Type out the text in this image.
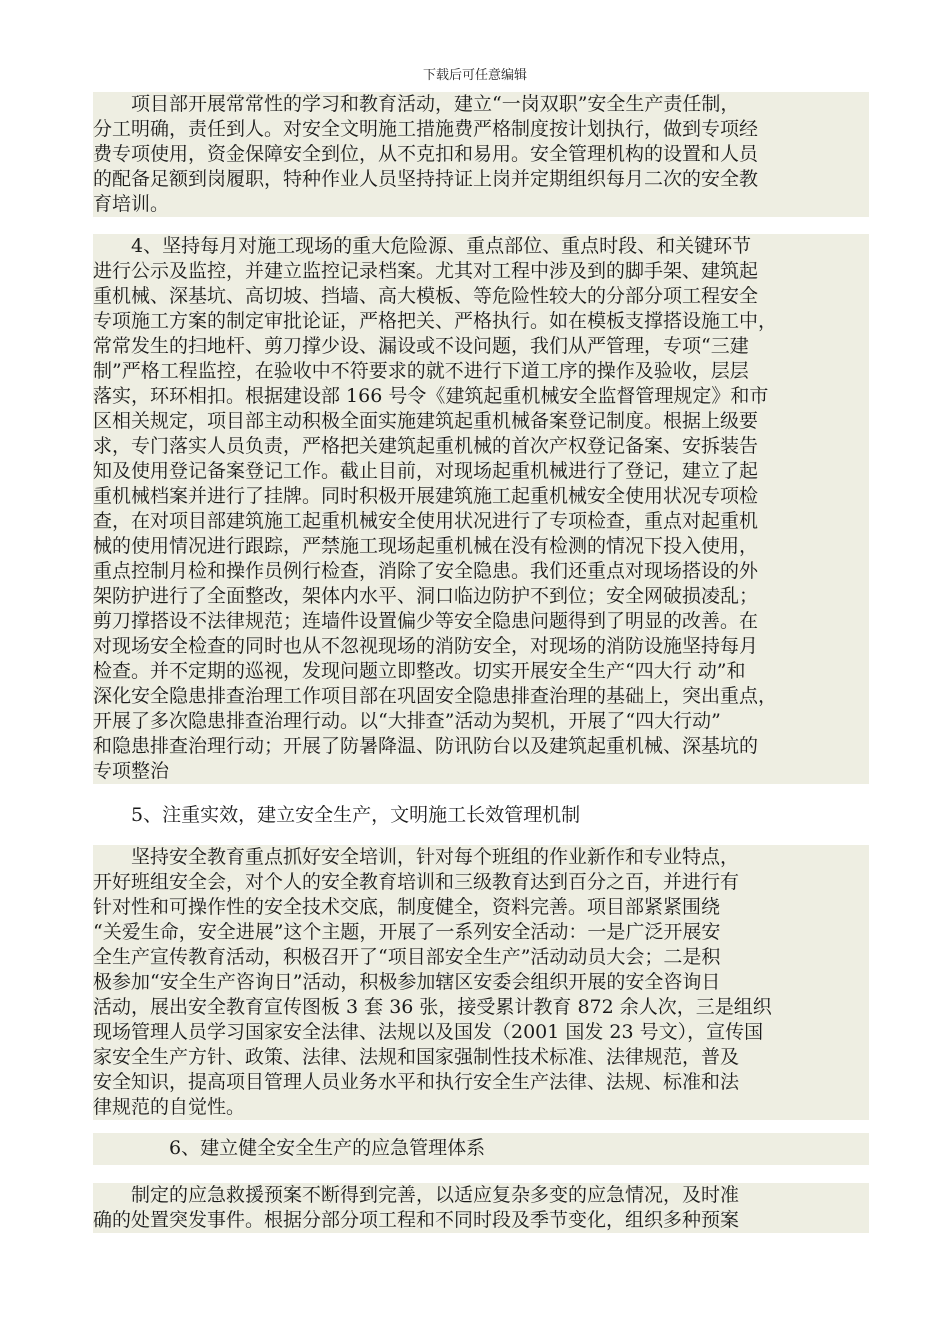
下载后可任意编辑
　　项目部开展常常性的学习和教育活动，建立“一岗双职”安全生产责任制，
分工明确，责任到人。对安全文明施工措施费严格制度按计划执行，做到专项经
费专项使用，资金保障安全到位，从不克扣和易用。安全管理机构的设置和人员
的配备足额到岗履职，特种作业人员坚持持证上岗并定期组织每月二次的安全教
育培训。
　　4、坚持每月对施工现场的重大危险源、重点部位、重点时段、和关键环节
进行公示及监控，并建立监控记录档案。尤其对工程中涉及到的脚手架、建筑起
重机械、深基坑、高切坡、挡墙、高大模板、等危险性较大的分部分项工程安全
专项施工方案的制定审批论证，严格把关、严格执行。如在模板支撑搭设施工中，
常常发生的扫地杆、剪刀撑少设、漏设或不设问题，我们从严管理，专项“三建
制”严格工程监控，在验收中不符要求的就不进行下道工序的操作及验收，层层
落实，环环相扣。根据建设部 166 号令《建筑起重机械安全监督管理规定》和市
区相关规定，项目部主动积极全面实施建筑起重机械备案登记制度。根据上级要
求，专门落实人员负责，严格把关建筑起重机械的首次产权登记备案、安拆装告
知及使用登记备案登记工作。截止目前，对现场起重机械进行了登记，建立了起
重机械档案并进行了挂牌。同时积极开展建筑施工起重机械安全使用状况专项检
查，在对项目部建筑施工起重机械安全使用状况进行了专项检查，重点对起重机
械的使用情况进行跟踪，严禁施工现场起重机械在没有检测的情况下投入使用，
重点控制月检和操作员例行检查，消除了安全隐患。我们还重点对现场搭设的外
架防护进行了全面整改，架体内水平、洞口临边防护不到位；安全网破损凌乱；
剪刀撑搭设不法律规范；连墙件设置偏少等安全隐患问题得到了明显的改善。在
对现场安全检查的同时也从不忽视现场的消防安全，对现场的消防设施坚持每月
检查。并不定期的巡视，发现问题立即整改。切实开展安全生产“四大行 动”和
深化安全隐患排查治理工作项目部在巩固安全隐患排查治理的基础上，突出重点，
开展了多次隐患排查治理行动。以“大排查”活动为契机，开展了“四大行动”
和隐患排查治理行动；开展了防暑降温、防讯防台以及建筑起重机械、深基坑的
专项整治
　　5、注重实效，建立安全生产，文明施工长效管理机制
　　坚持安全教育重点抓好安全培训，针对每个班组的作业新作和专业特点，
开好班组安全会，对个人的安全教育培训和三级教育达到百分之百，并进行有
针对性和可操作性的安全技术交底，制度健全，资料完善。项目部紧紧围绕
“关爱生命，安全进展”这个主题，开展了一系列安全活动：一是广泛开展安
全生产宣传教育活动，积极召开了“项目部安全生产”活动动员大会；二是积
极参加“安全生产咨询日”活动，积极参加辖区安委会组织开展的安全咨询日
活动，展出安全教育宣传图板 3 套 36 张，接受累计教育 872 余人次，三是组织
现场管理人员学习国家安全法律、法规以及国发（2001 国发 23 号文），宣传国
家安全生产方针、政策、法律、法规和国家强制性技术标准、法律规范，普及
安全知识，提高项目管理人员业务水平和执行安全生产法律、法规、标准和法
律规范的自觉性。
　　　　6、建立健全安全生产的应急管理体系
　　制定的应急救援预案不断得到完善，以适应复杂多变的应急情况，及时准
确的处置突发事件。根据分部分项工程和不同时段及季节变化，组织多种预案
